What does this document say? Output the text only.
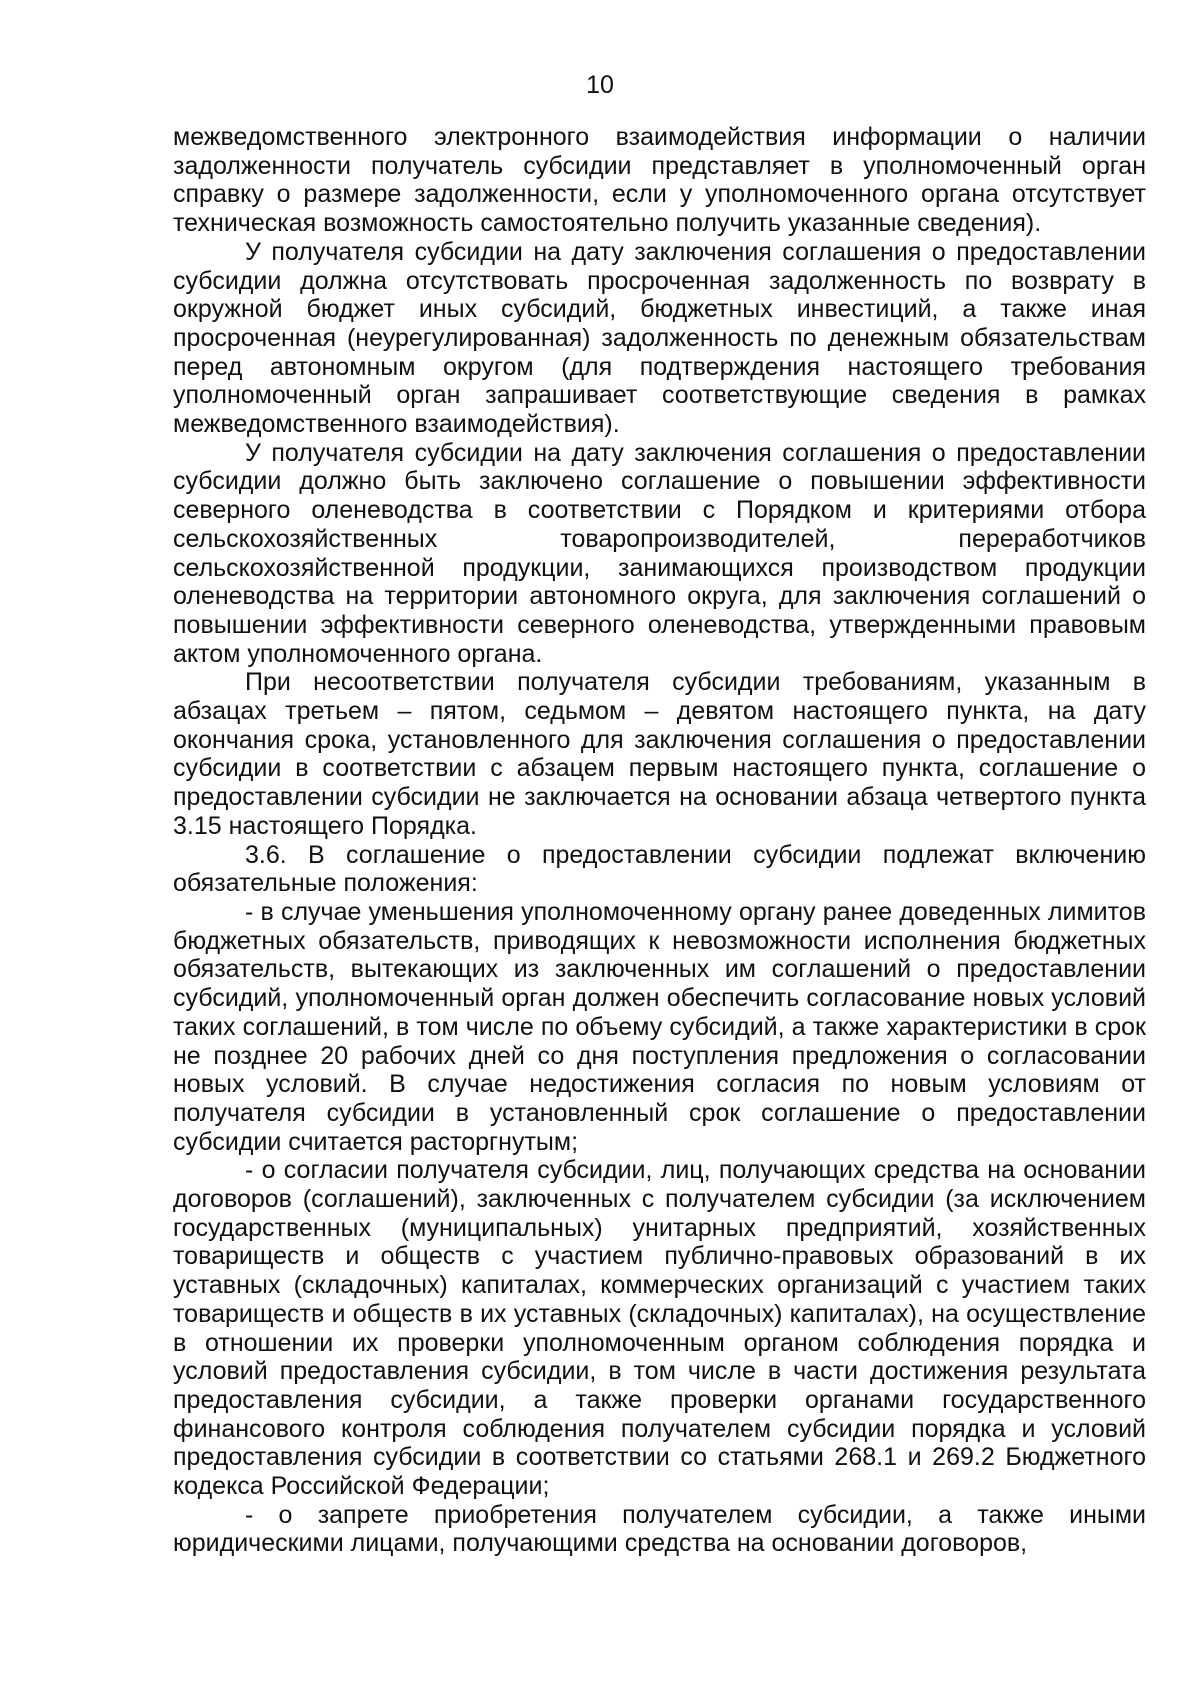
10

межведомственного электронного взаимодействия информации о наличии задолженности получатель субсидии представляет в уполномоченный орган справку о размере задолженности, если у уполномоченного органа отсутствует техническая возможность самостоятельно получить указанные сведения).

У получателя субсидии на дату заключения соглашения о предоставлении субсидии должна отсутствовать просроченная задолженность по возврату в окружной бюджет иных субсидий, бюджетных инвестиций, а также иная просроченная (неурегулированная) задолженность по денежным обязательствам перед автономным округом (для подтверждения настоящего требования уполномоченный орган запрашивает соответствующие сведения в рамках межведомственного взаимодействия).

У получателя субсидии на дату заключения соглашения о предоставлении субсидии должно быть заключено соглашение о повышении эффективности северного оленеводства в соответствии с Порядком и критериями отбора сельскохозяйственных товаропроизводителей, переработчиков сельскохозяйственной продукции, занимающихся производством продукции оленеводства на территории автономного округа, для заключения соглашений о повышении эффективности северного оленеводства, утвержденными правовым актом уполномоченного органа.

При несоответствии получателя субсидии требованиям, указанным в абзацах третьем – пятом, седьмом – девятом настоящего пункта, на дату окончания срока, установленного для заключения соглашения о предоставлении субсидии в соответствии с абзацем первым настоящего пункта, соглашение о предоставлении субсидии не заключается на основании абзаца четвертого пункта 3.15 настоящего Порядка.

3.6. В соглашение о предоставлении субсидии подлежат включению обязательные положения:

- в случае уменьшения уполномоченному органу ранее доведенных лимитов бюджетных обязательств, приводящих к невозможности исполнения бюджетных обязательств, вытекающих из заключенных им соглашений о предоставлении субсидий, уполномоченный орган должен обеспечить согласование новых условий таких соглашений, в том числе по объему субсидий, а также характеристики в срок не позднее 20 рабочих дней со дня поступления предложения о согласовании новых условий. В случае недостижения согласия по новым условиям от получателя субсидии в установленный срок соглашение о предоставлении субсидии считается расторгнутым;

- о согласии получателя субсидии, лиц, получающих средства на основании договоров (соглашений), заключенных с получателем субсидии (за исключением государственных (муниципальных) унитарных предприятий, хозяйственных товариществ и обществ с участием публично-правовых образований в их уставных (складочных) капиталах, коммерческих организаций с участием таких товариществ и обществ в их уставных (складочных) капиталах), на осуществление в отношении их проверки уполномоченным органом соблюдения порядка и условий предоставления субсидии, в том числе в части достижения результата предоставления субсидии, а также проверки органами государственного финансового контроля соблюдения получателем субсидии порядка и условий предоставления субсидии в соответствии со статьями 268.1 и 269.2 Бюджетного кодекса Российской Федерации;

- о запрете приобретения получателем субсидии, а также иными юридическими лицами, получающими средства на основании договоров,
